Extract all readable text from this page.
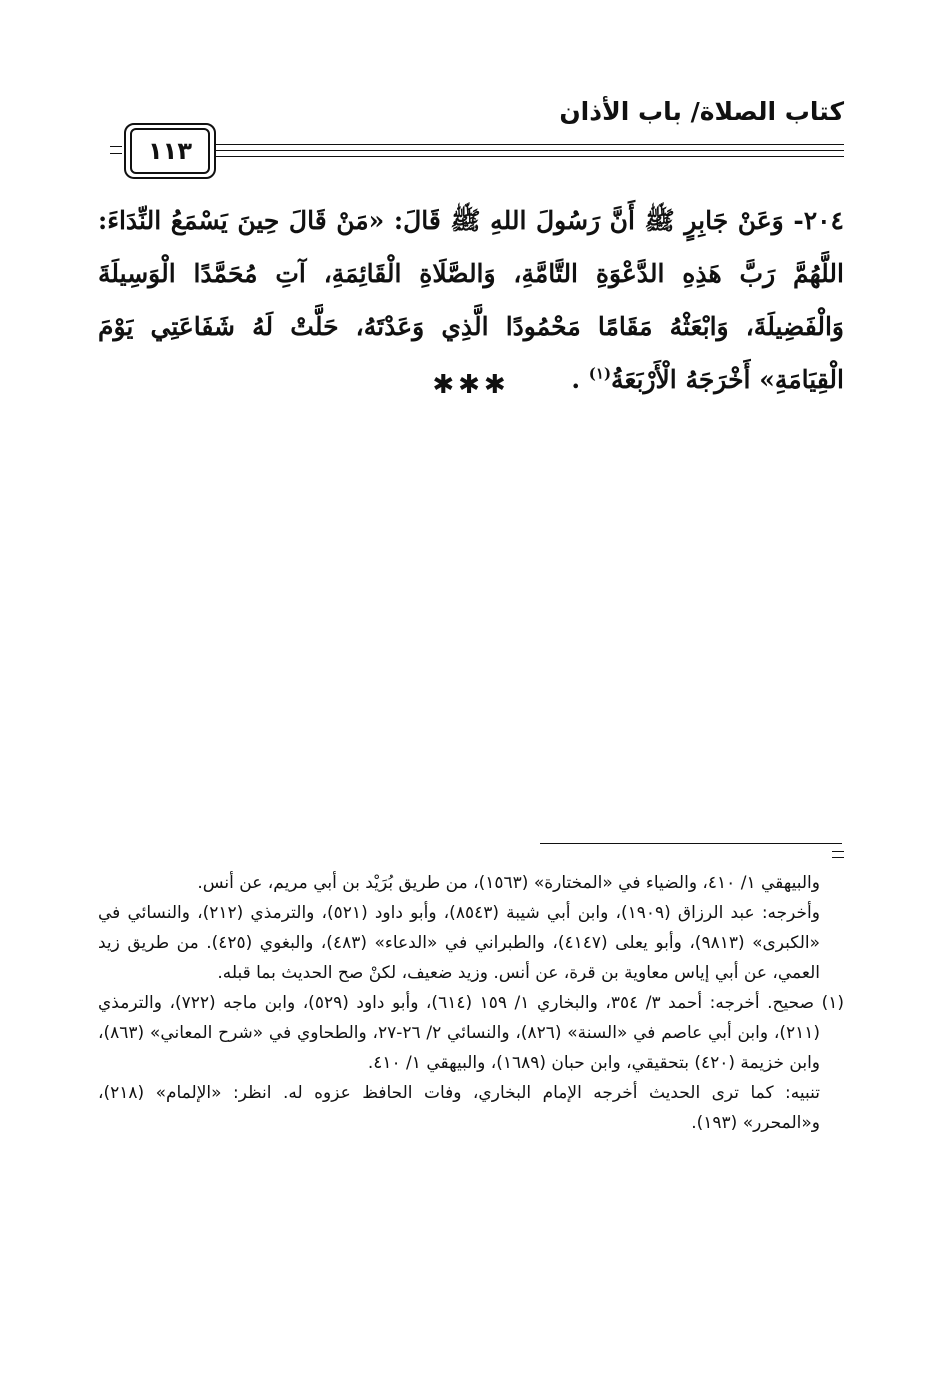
كتاب الصلاة/ باب الأذان
١١٣

٢٠٤- وَعَنْ جَابِرٍ ﷺ أَنَّ رَسُولَ اللهِ ﷺ قَالَ: «مَنْ قَالَ حِينَ يَسْمَعُ النِّدَاءَ: اللَّهُمَّ رَبَّ هَذِهِ الدَّعْوَةِ التَّامَّةِ، وَالصَّلَاةِ الْقَائِمَةِ، آتِ مُحَمَّدًا الْوَسِيلَةَ وَالْفَضِيلَةَ، وَابْعَثْهُ مَقَامًا مَحْمُودًا الَّذِي وَعَدْتَهُ، حَلَّتْ لَهُ شَفَاعَتِي يَوْمَ الْقِيَامَةِ» أَخْرَجَهُ الْأَرْبَعَةُ$^{(١)}$ .

✱✱✱

والبيهقي ١/ ٤١٠، والضياء في «المختارة» (١٥٦٣)، من طريق بُرَيْد بن أبي مريم، عن أنس.

وأخرجه: عبد الرزاق (١٩٠٩)، وابن أبي شيبة (٨٥٤٣)، وأبو داود (٥٢١)، والترمذي (٢١٢)، والنسائي في «الكبرى» (٩٨١٣)، وأبو يعلى (٤١٤٧)، والطبراني في «الدعاء» (٤٨٣)، والبغوي (٤٢٥). من طريق زيد العمي، عن أبي إياس معاوية بن قرة، عن أنس. وزيد ضعيف، لكنْ صح الحديث بما قبله.

(١) صحيح. أخرجه: أحمد ٣/ ٣٥٤، والبخاري ١/ ١٥٩ (٦١٤)، وأبو داود (٥٢٩)، وابن ماجه (٧٢٢)، والترمذي (٢١١)، وابن أبي عاصم في «السنة» (٨٢٦)، والنسائي ٢/ ٢٦-٢٧، والطحاوي في «شرح المعاني» (٨٦٣)، وابن خزيمة (٤٢٠) بتحقيقي، وابن حبان (١٦٨٩)، والبيهقي ١/ ٤١٠.

تنبيه: كما ترى الحديث أخرجه الإمام البخاري، وفات الحافظ عزوه له. انظر: «الإلمام» (٢١٨)، و«المحرر» (١٩٣).
